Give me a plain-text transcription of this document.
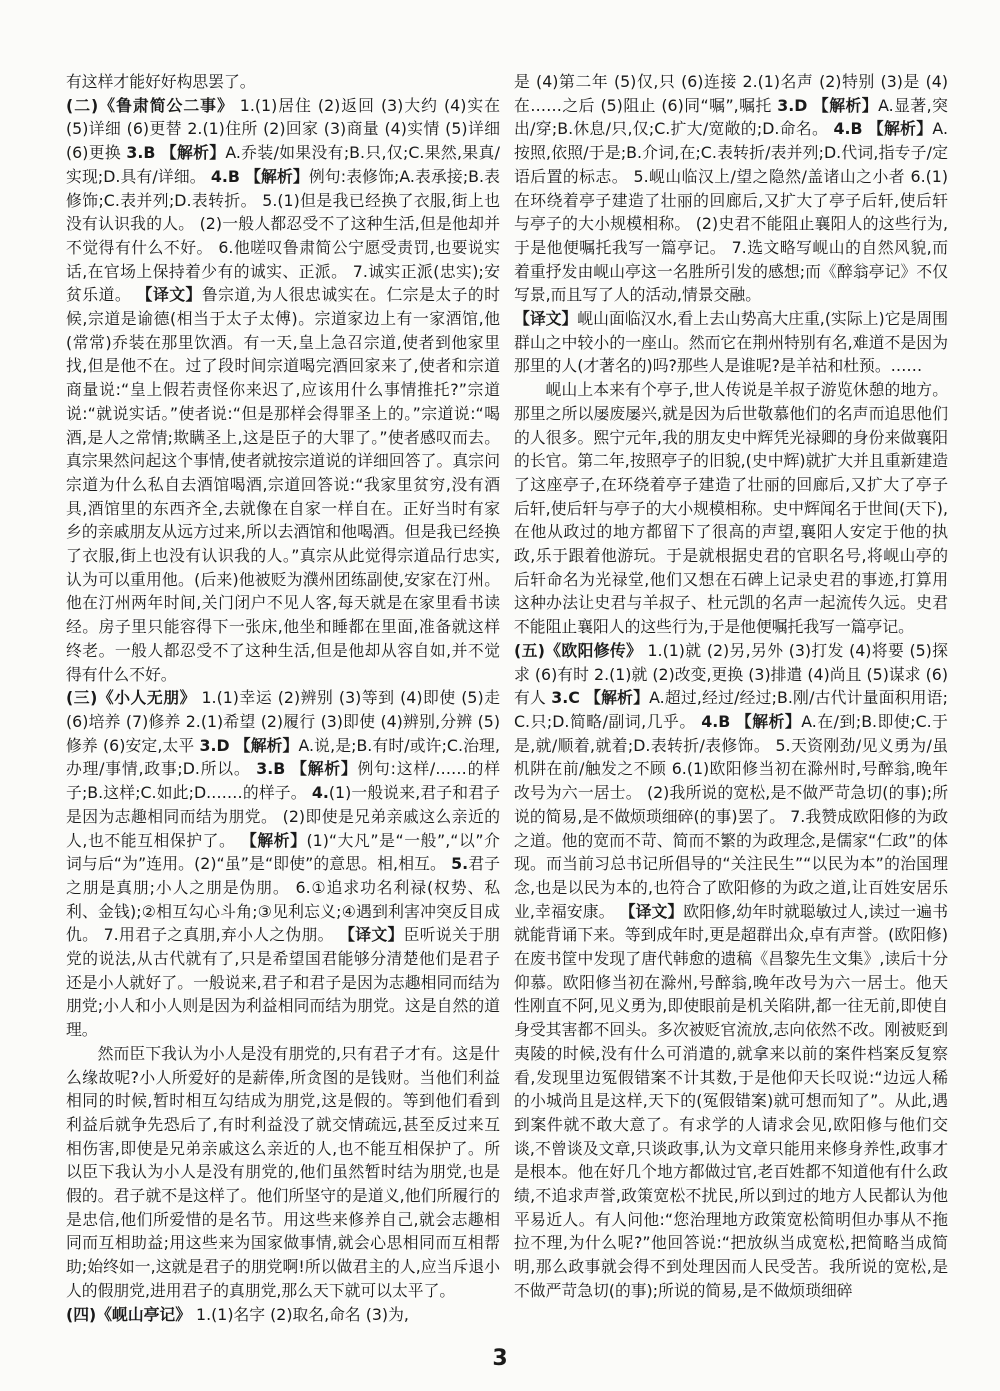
有这样才能好好构思罢了。

(二)《鲁肃简公二事》 1.(1)居住 (2)返回 (3)大约 (4)实在 (5)详细 (6)更替 2.(1)住所 (2)回家 (3)商量 (4)实情 (5)详细 (6)更换 3.B 【解析】A.乔装/如果没有;B.只,仅;C.果然,果真/实现;D.具有/详细。 4.B 【解析】例句:表修饰;A.表承接;B.表修饰;C.表并列;D.表转折。 5.(1)但是我已经换了衣服,街上也没有认识我的人。 (2)一般人都忍受不了这种生活,但是他却并不觉得有什么不好。 6.他嗟叹鲁肃简公宁愿受责罚,也要说实话,在官场上保持着少有的诚实、正派。 7.诚实正派(忠实);安贫乐道。 【译文】鲁宗道,为人很忠诚实在。仁宗是太子的时候,宗道是谕德(相当于太子太傅)。宗道家边上有一家酒馆,他(常常)乔装在那里饮酒。有一天,皇上急召宗道,使者到他家里找,但是他不在。过了段时间宗道喝完酒回家来了,使者和宗道商量说:“皇上假若责怪你来迟了,应该用什么事情推托?”宗道说:“就说实话。”使者说:“但是那样会得罪圣上的。”宗道说:“喝酒,是人之常情;欺瞒圣上,这是臣子的大罪了。”使者感叹而去。真宗果然问起这个事情,使者就按宗道说的详细回答了。真宗问宗道为什么私自去酒馆喝酒,宗道回答说:“我家里贫穷,没有酒具,酒馆里的东西齐全,去就像在自家一样自在。正好当时有家乡的亲戚朋友从远方过来,所以去酒馆和他喝酒。但是我已经换了衣服,街上也没有认识我的人。”真宗从此觉得宗道品行忠实,认为可以重用他。(后来)他被贬为濮州团练副使,安家在汀州。他在汀州两年时间,关门闭户不见人客,每天就是在家里看书读经。房子里只能容得下一张床,他坐和睡都在里面,准备就这样终老。一般人都忍受不了这种生活,但是他却从容自如,并不觉得有什么不好。

(三)《小人无朋》 1.(1)幸运 (2)辨别 (3)等到 (4)即使 (5)走 (6)培养 (7)修养 2.(1)希望 (2)履行 (3)即使 (4)辨别,分辨 (5)修养 (6)安定,太平 3.D 【解析】A.说,是;B.有时/或许;C.治理,办理/事情,政事;D.所以。 3.B 【解析】例句:这样/……的样子;B.这样;C.如此;D.……的样子。 4.(1)一般说来,君子和君子是因为志趣相同而结为朋党。 (2)即使是兄弟亲戚这么亲近的人,也不能互相保护了。 【解析】(1)“大凡”是“一般”,“以”介词与后“为”连用。(2)“虽”是“即使”的意思。相,相互。 5.君子之朋是真朋;小人之朋是伪朋。 6.①追求功名利禄(权势、私利、金钱);②相互勾心斗角;③见利忘义;④遇到利害冲突反目成仇。 7.用君子之真朋,弃小人之伪朋。 【译文】臣听说关于朋党的说法,从古代就有了,只是希望国君能够分清楚他们是君子还是小人就好了。一般说来,君子和君子是因为志趣相同而结为朋党;小人和小人则是因为利益相同而结为朋党。这是自然的道理。

然而臣下我认为小人是没有朋党的,只有君子才有。这是什么缘故呢?小人所爱好的是薪俸,所贪图的是钱财。当他们利益相同的时候,暂时相互勾结成为朋党,这是假的。等到他们看到利益后就争先恐后了,有时利益没了就交情疏远,甚至反过来互相伤害,即使是兄弟亲戚这么亲近的人,也不能互相保护了。所以臣下我认为小人是没有朋党的,他们虽然暂时结为朋党,也是假的。君子就不是这样了。他们所坚守的是道义,他们所履行的是忠信,他们所爱惜的是名节。用这些来修养自己,就会志趣相同而互相助益;用这些来为国家做事情,就会心思相同而互相帮助;始终如一,这就是君子的朋党啊!所以做君主的人,应当斥退小人的假朋党,进用君子的真朋党,那么天下就可以太平了。

(四)《岘山亭记》 1.(1)名字 (2)取名,命名 (3)为,

是 (4)第二年 (5)仅,只 (6)连接 2.(1)名声 (2)特别 (3)是 (4)在……之后 (5)阻止 (6)同“嘱”,嘱托 3.D 【解析】A.显著,突出/穿;B.休息/只,仅;C.扩大/宽敞的;D.命名。 4.B 【解析】A.按照,依照/于是;B.介词,在;C.表转折/表并列;D.代词,指专子/定语后置的标志。 5.岘山临汉上/望之隐然/盖诸山之小者 6.(1)在环绕着亭子建造了壮丽的回廊后,又扩大了亭子后轩,使后轩与亭子的大小规模相称。 (2)史君不能阻止襄阳人的这些行为,于是他便嘱托我写一篇亭记。 7.选文略写岘山的自然风貌,而着重抒发由岘山亭这一名胜所引发的感想;而《醉翁亭记》不仅写景,而且写了人的活动,情景交融。

【译文】岘山面临汉水,看上去山势高大庄重,(实际上)它是周围群山之中较小的一座山。然而它在荆州特别有名,难道不是因为那里的人(才著名的)吗?那些人是谁呢?是羊祜和杜预。……

岘山上本来有个亭子,世人传说是羊叔子游览休憩的地方。那里之所以屡废屡兴,就是因为后世敬慕他们的名声而追思他们的人很多。熙宁元年,我的朋友史中辉凭光禄卿的身份来做襄阳的长官。第二年,按照亭子的旧貌,(史中辉)就扩大并且重新建造了这座亭子,在环绕着亭子建造了壮丽的回廊后,又扩大了亭子后轩,使后轩与亭子的大小规模相称。史中辉闻名于世间(天下),在他从政过的地方都留下了很高的声望,襄阳人安定于他的执政,乐于跟着他游玩。于是就根据史君的官职名号,将岘山亭的后轩命名为光禄堂,他们又想在石碑上记录史君的事迹,打算用这种办法让史君与羊叔子、杜元凯的名声一起流传久远。史君不能阻止襄阳人的这些行为,于是他便嘱托我写一篇亭记。

(五)《欧阳修传》 1.(1)就 (2)另,另外 (3)打发 (4)将要 (5)探求 (6)有时 2.(1)就 (2)改变,更换 (3)排遣 (4)尚且 (5)谋求 (6)有人 3.C 【解析】A.超过,经过/经过;B.刚/古代计量面积用语;C.只;D.简略/副词,几乎。 4.B 【解析】A.在/到;B.即使;C.于是,就/顺着,就着;D.表转折/表修饰。 5.天资刚劲/见义勇为/虽机阱在前/触发之不顾 6.(1)欧阳修当初在滁州时,号醉翁,晚年改号为六一居士。 (2)我所说的宽松,是不做严苛急切(的事);所说的简易,是不做烦琐细碎(的事)罢了。 7.我赞成欧阳修的为政之道。他的宽而不苛、简而不繁的为政理念,是儒家“仁政”的体现。而当前习总书记所倡导的“关注民生”“以民为本”的治国理念,也是以民为本的,也符合了欧阳修的为政之道,让百姓安居乐业,幸福安康。 【译文】欧阳修,幼年时就聪敏过人,读过一遍书就能背诵下来。等到成年时,更是超群出众,卓有声誉。(欧阳修)在废书筐中发现了唐代韩愈的遗稿《昌黎先生文集》,读后十分仰慕。欧阳修当初在滁州,号醉翁,晚年改号为六一居士。他天性刚直不阿,见义勇为,即使眼前是机关陷阱,都一往无前,即使自身受其害都不回头。多次被贬官流放,志向依然不改。刚被贬到夷陵的时候,没有什么可消遣的,就拿来以前的案件档案反复察看,发现里边冤假错案不计其数,于是他仰天长叹说:“边远人稀的小城尚且是这样,天下的(冤假错案)就可想而知了”。从此,遇到案件就不敢大意了。有求学的人请求会见,欧阳修与他们交谈,不曾谈及文章,只谈政事,认为文章只能用来修身养性,政事才是根本。他在好几个地方都做过官,老百姓都不知道他有什么政绩,不追求声誉,政策宽松不扰民,所以到过的地方人民都认为他平易近人。有人问他:“您治理地方政策宽松简明但办事从不拖拉不理,为什么呢?”他回答说:“把放纵当成宽松,把简略当成简明,那么政事就会得不到处理因而人民受苦。我所说的宽松,是不做严苛急切(的事);所说的简易,是不做烦琐细碎

3
